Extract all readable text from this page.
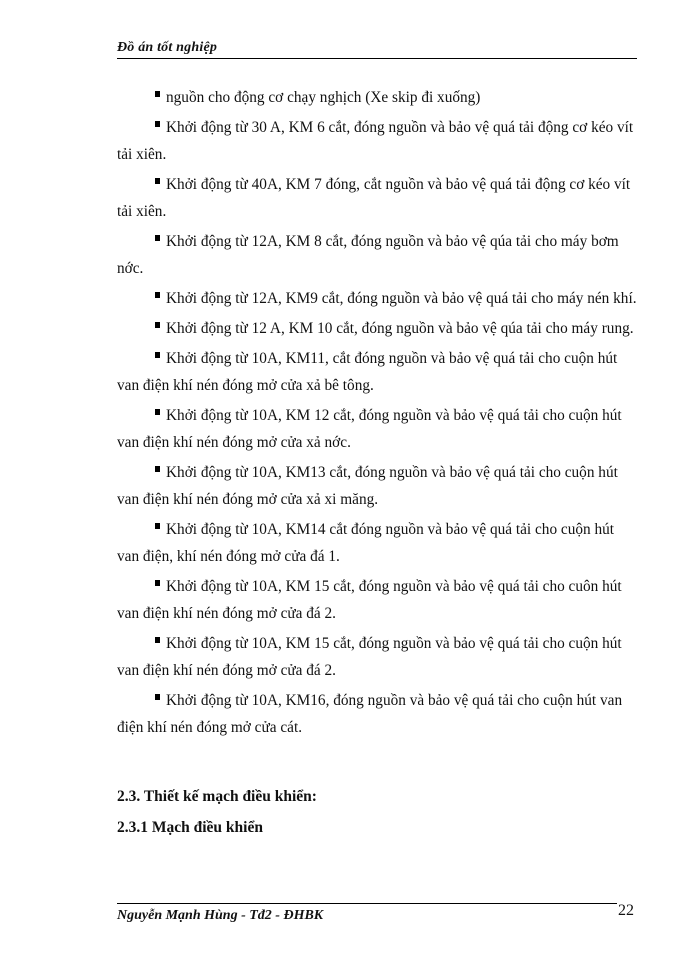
Đồ án tốt nghiệp
nguồn cho động cơ chạy nghịch (Xe skip đi xuống)
Khởi động từ 30 A, KM 6 cắt, đóng nguồn và bảo vệ quá tải động cơ kéo vít tải xiên.
Khởi động từ 40A, KM 7 đóng, cắt nguồn và bảo vệ quá tải động cơ kéo vít tải xiên.
Khởi động từ 12A, KM 8 cắt, đóng nguồn và bảo vệ qúa tải cho máy bơm nớc.
Khởi động từ 12A, KM9 cắt, đóng nguồn và bảo vệ quá tải cho máy nén khí.
Khởi động từ 12 A, KM 10 cắt, đóng nguồn và bảo vệ qúa tải cho máy rung.
Khởi động từ 10A, KM11, cắt đóng nguồn và bảo vệ quá tải cho cuộn hút van điện khí nén đóng mở cửa xả bê tông.
Khởi động từ 10A, KM 12 cắt, đóng nguồn và bảo vệ quá tải cho cuộn hút van điện khí nén đóng mở cửa xả nớc.
Khởi động từ 10A, KM13 cắt, đóng nguồn và bảo vệ quá tải cho cuộn hút van điện khí nén đóng mở cửa xả xi măng.
Khởi động từ 10A, KM14 cắt đóng nguồn và bảo vệ quá tải cho cuộn hút van điện, khí nén đóng mở cửa đá 1.
Khởi động từ 10A, KM 15 cắt, đóng nguồn và bảo vệ quá tải cho cuôn hút van điện khí nén đóng mở cửa đá 2.
Khởi động từ 10A, KM 15 cắt, đóng nguồn và bảo vệ quá tải cho cuộn hút van điện khí nén đóng mở cửa đá 2.
Khởi động từ 10A, KM16, đóng nguồn và bảo vệ quá tải cho cuộn hút van điện khí nén đóng mở cửa cát.
2.3. Thiết kế mạch điều khiển:
2.3.1 Mạch điều khiển
Nguyễn Mạnh Hùng - Tđ2 - ĐHBK	22
